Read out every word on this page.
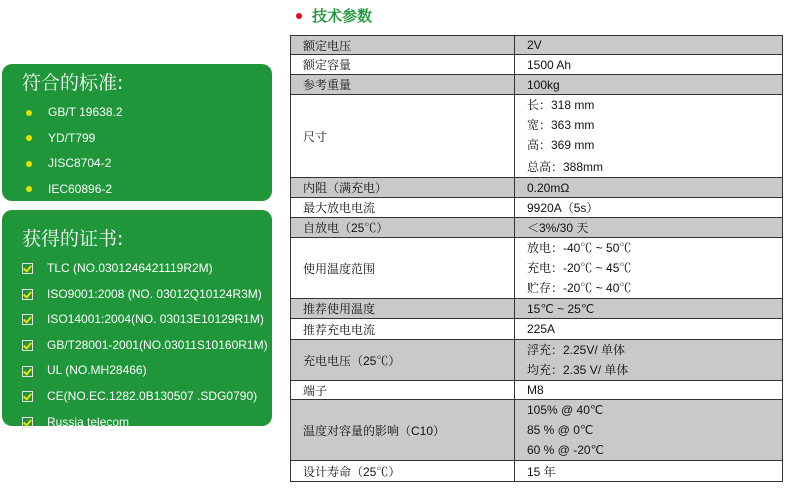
符合的标准:
GB/T 19638.2
YD/T799
JISC8704-2
IEC60896-2
获得的证书:
TLC (NO.0301246421119R2M)
ISO9001:2008 (NO. 03012Q10124R3M)
ISO14001:2004(NO. 03013E10129R1M)
GB/T28001-2001(NO.03011S10160R1M)
UL (NO.MH28466)
CE(NO.EC.1282.0B130507 .SDG0790)
Russia telecom
技术参数
额定电压	2V
额定容量	1500 Ah
参考重量	100kg
尺寸	长：318 mm
宽：363 mm
高：369 mm
总高：388mm

内阻（满充电）	0.20mΩ
最大放电电流	9920A（5s）
自放电（25℃）	＜3%/30 天
使用温度范围	放电：-40℃ ~ 50℃
充电：-20℃ ~ 45℃
贮存：-20℃ ~ 40℃

推荐使用温度	15℃ ~ 25℃
推荐充电电流	225A
充电电压（25℃）	浮充：2.25V/ 单体
均充：2.35 V/ 单体

端子	M8
温度对容量的影响（C10）	105% @ 40℃
85 % @ 0℃
60 % @ -20℃

设计寿命（25℃）	15 年
